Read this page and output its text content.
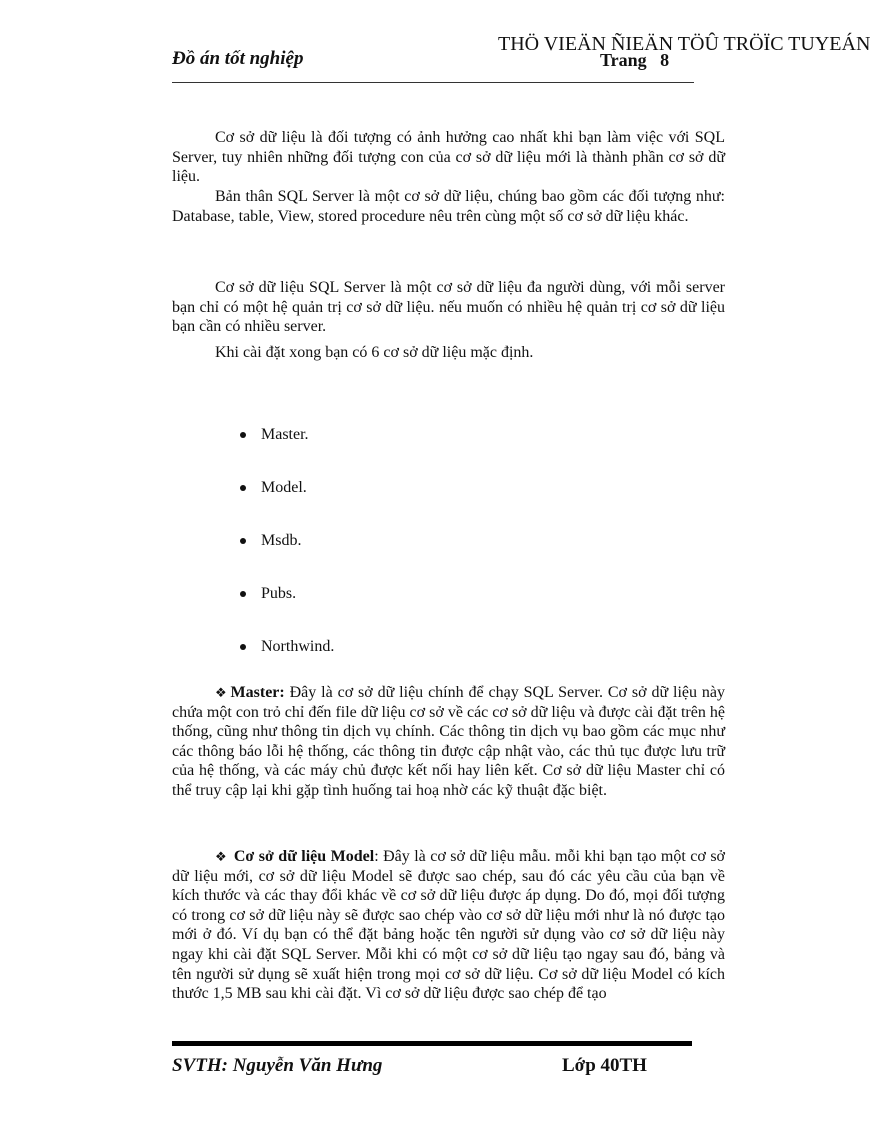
Đồ án tốt nghiệp
THÖ VIEÄN ÑIEÄN TÖÛ TRÖÏC TUYEÁN
Trang   8

Cơ sở dữ liệu là đối tượng có ảnh hưởng cao nhất khi bạn làm việc với SQL Server, tuy nhiên những đối tượng con của cơ sở dữ liệu mới là thành phần cơ sở dữ liệu.

Bản thân SQL Server là một cơ sở dữ liệu, chúng bao gồm các đối tượng như: Database, table, View, stored procedure nêu trên cùng một số cơ sở dữ liệu khác.

Cơ sở dữ liệu SQL Server là một cơ sở dữ liệu đa người dùng, với mỗi server bạn chỉ có một hệ quản trị cơ sở dữ liệu. nếu muốn có nhiều hệ quản trị cơ sở dữ liệu bạn cần có nhiều server.

Khi cài đặt xong bạn có 6 cơ sở dữ liệu mặc định.

Master.
Model.
Msdb.
Pubs.
Northwind.

❖ Master: Đây là cơ sở dữ liệu chính để chạy SQL Server. Cơ sở dữ liệu này chứa một con trỏ chỉ đến file dữ liệu cơ sở về các cơ sở dữ liệu và được cài đặt trên hệ thống, cũng như thông tin dịch vụ chính. Các thông tin dịch vụ bao gồm các mục như các thông báo lỗi hệ thống, các thông tin được cập nhật vào, các thủ tục được lưu trữ của hệ thống, và các máy chủ được kết nối hay liên kết. Cơ sở dữ liệu Master chỉ có thể truy cập lại khi gặp tình huống tai hoạ nhờ các kỹ thuật đặc biệt.

❖ Cơ sở dữ liệu Model: Đây là cơ sở dữ liệu mẫu. mỗi khi bạn tạo một cơ sở dữ liệu mới, cơ sở dữ liệu Model sẽ được sao chép, sau đó các yêu cầu của bạn về kích thước và các thay đổi khác về cơ sở dữ liệu được áp dụng. Do đó, mọi đối tượng có trong cơ sở dữ liệu này sẽ được sao chép vào cơ sở dữ liệu mới như là nó được tạo mới ở đó. Ví dụ bạn có thể đặt bảng hoặc tên người sử dụng vào cơ sở dữ liệu này ngay khi cài đặt SQL Server. Mỗi khi có một cơ sở dữ liệu tạo ngay sau đó, bảng và tên người sử dụng sẽ xuất hiện trong mọi cơ sở dữ liệu. Cơ sở dữ liệu Model có kích thước 1,5 MB sau khi cài đặt. Vì cơ sở dữ liệu được sao chép để tạo

SVTH: Nguyễn Văn Hưng	Lớp 40TH
